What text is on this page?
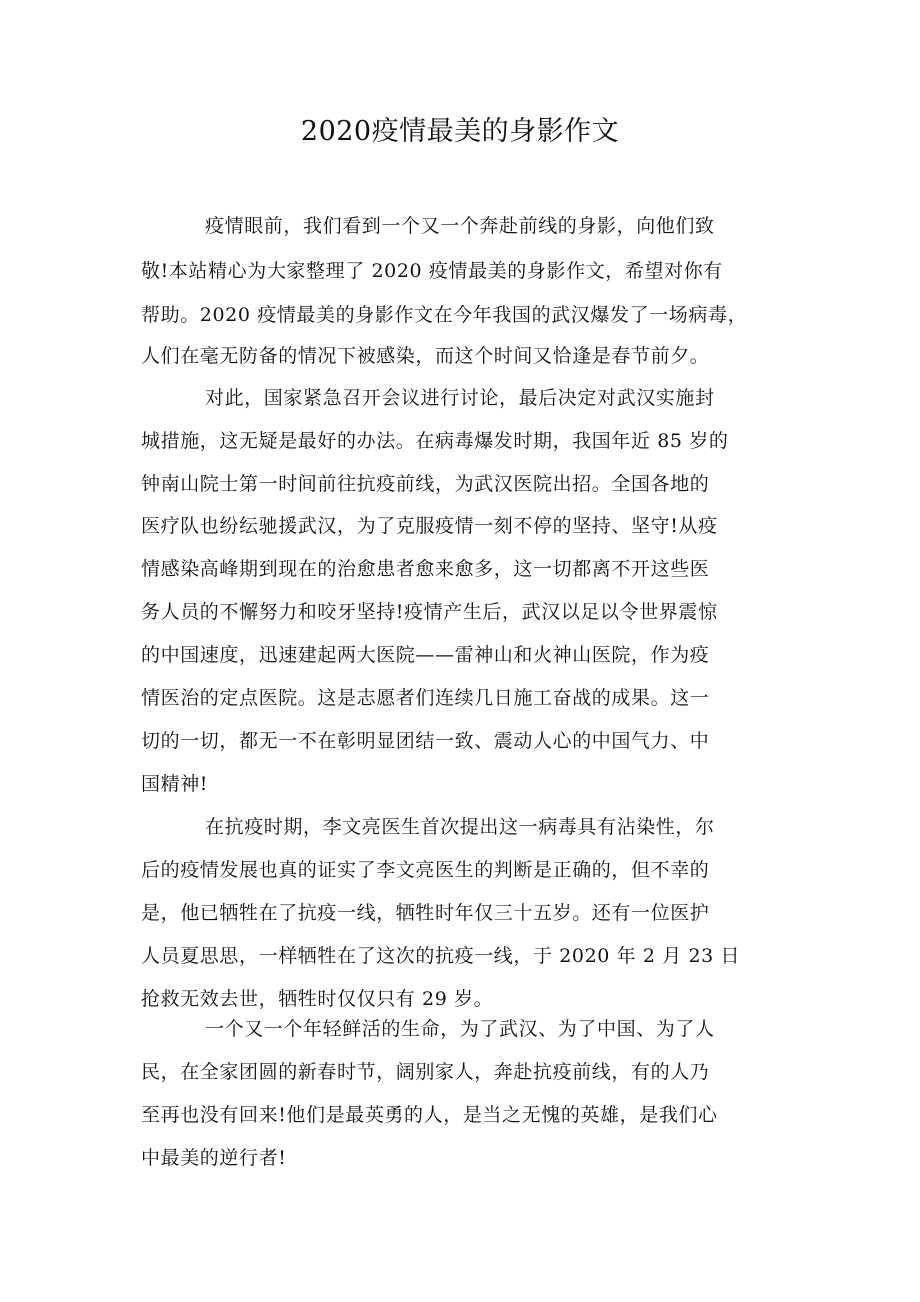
2020疫情最美的身影作文
疫情眼前，我们看到一个又一个奔赴前线的身影，向他们致
敬!本站精心为大家整理了 2020 疫情最美的身影作文，希望对你有
帮助。2020 疫情最美的身影作文在今年我国的武汉爆发了一场病毒，
人们在毫无防备的情况下被感染，而这个时间又恰逢是春节前夕。
对此，国家紧急召开会议进行讨论，最后决定对武汉实施封
城措施，这无疑是最好的办法。在病毒爆发时期，我国年近 85 岁的
钟南山院士第一时间前往抗疫前线，为武汉医院出招。全国各地的
医疗队也纷纭驰援武汉，为了克服疫情一刻不停的坚持、坚守!从疫
情感染高峰期到现在的治愈患者愈来愈多，这一切都离不开这些医
务人员的不懈努力和咬牙坚持!疫情产生后，武汉以足以令世界震惊
的中国速度，迅速建起两大医院——雷神山和火神山医院，作为疫
情医治的定点医院。这是志愿者们连续几日施工奋战的成果。这一
切的一切，都无一不在彰明显团结一致、震动人心的中国气力、中
国精神!
在抗疫时期，李文亮医生首次提出这一病毒具有沾染性，尔
后的疫情发展也真的证实了李文亮医生的判断是正确的，但不幸的
是，他已牺牲在了抗疫一线，牺牲时年仅三十五岁。还有一位医护
人员夏思思，一样牺牲在了这次的抗疫一线，于 2020 年 2 月 23 日
抢救无效去世，牺牲时仅仅只有 29 岁。
一个又一个年轻鲜活的生命，为了武汉、为了中国、为了人
民，在全家团圆的新春时节，阔别家人，奔赴抗疫前线，有的人乃
至再也没有回来!他们是最英勇的人，是当之无愧的英雄，是我们心
中最美的逆行者!
